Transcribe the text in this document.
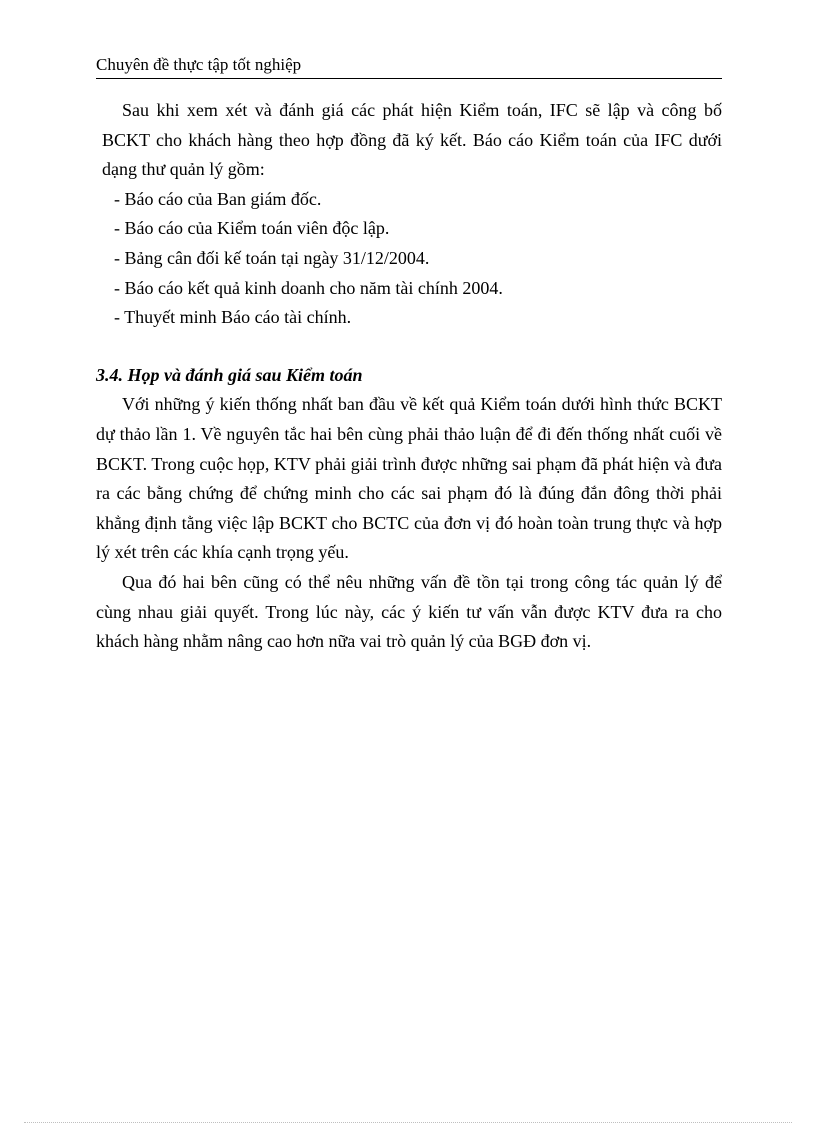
Chuyên đề thực tập tốt nghiệp

Sau khi xem xét và đánh giá các phát hiện Kiểm toán, IFC sẽ lập và công bố BCKT cho khách hàng theo hợp đồng đã ký kết. Báo cáo Kiểm toán của IFC dưới dạng thư quản lý gồm:

- Báo cáo của Ban giám đốc.
- Báo cáo của Kiểm toán viên độc lập.
- Bảng cân đối kế toán tại ngày 31/12/2004.
- Báo cáo kết quả kinh doanh cho năm tài chính 2004.
- Thuyết minh Báo cáo tài chính.
3.4. Họp và đánh giá sau Kiểm toán

Với những ý kiến thống nhất ban đầu về kết quả Kiểm toán dưới hình thức BCKT dự thảo lần 1. Về nguyên tắc hai bên cùng phải thảo luận để đi đến thống nhất cuối về BCKT. Trong cuộc họp, KTV phải giải trình được những sai phạm đã phát hiện và đưa ra các bằng chứng để chứng minh cho các sai phạm đó là đúng đắn đông thời phải khẳng định tằng việc lập BCKT cho BCTC của đơn vị đó hoàn toàn trung thực và hợp lý xét trên các khía cạnh trọng yếu.

Qua đó hai bên cũng có thể nêu những vấn đề tồn tại trong công tác quản lý để cùng nhau giải quyết. Trong lúc này, các ý kiến tư vấn vẫn được KTV đưa ra cho khách hàng nhằm nâng cao hơn nữa vai trò quản lý của BGĐ đơn vị.
